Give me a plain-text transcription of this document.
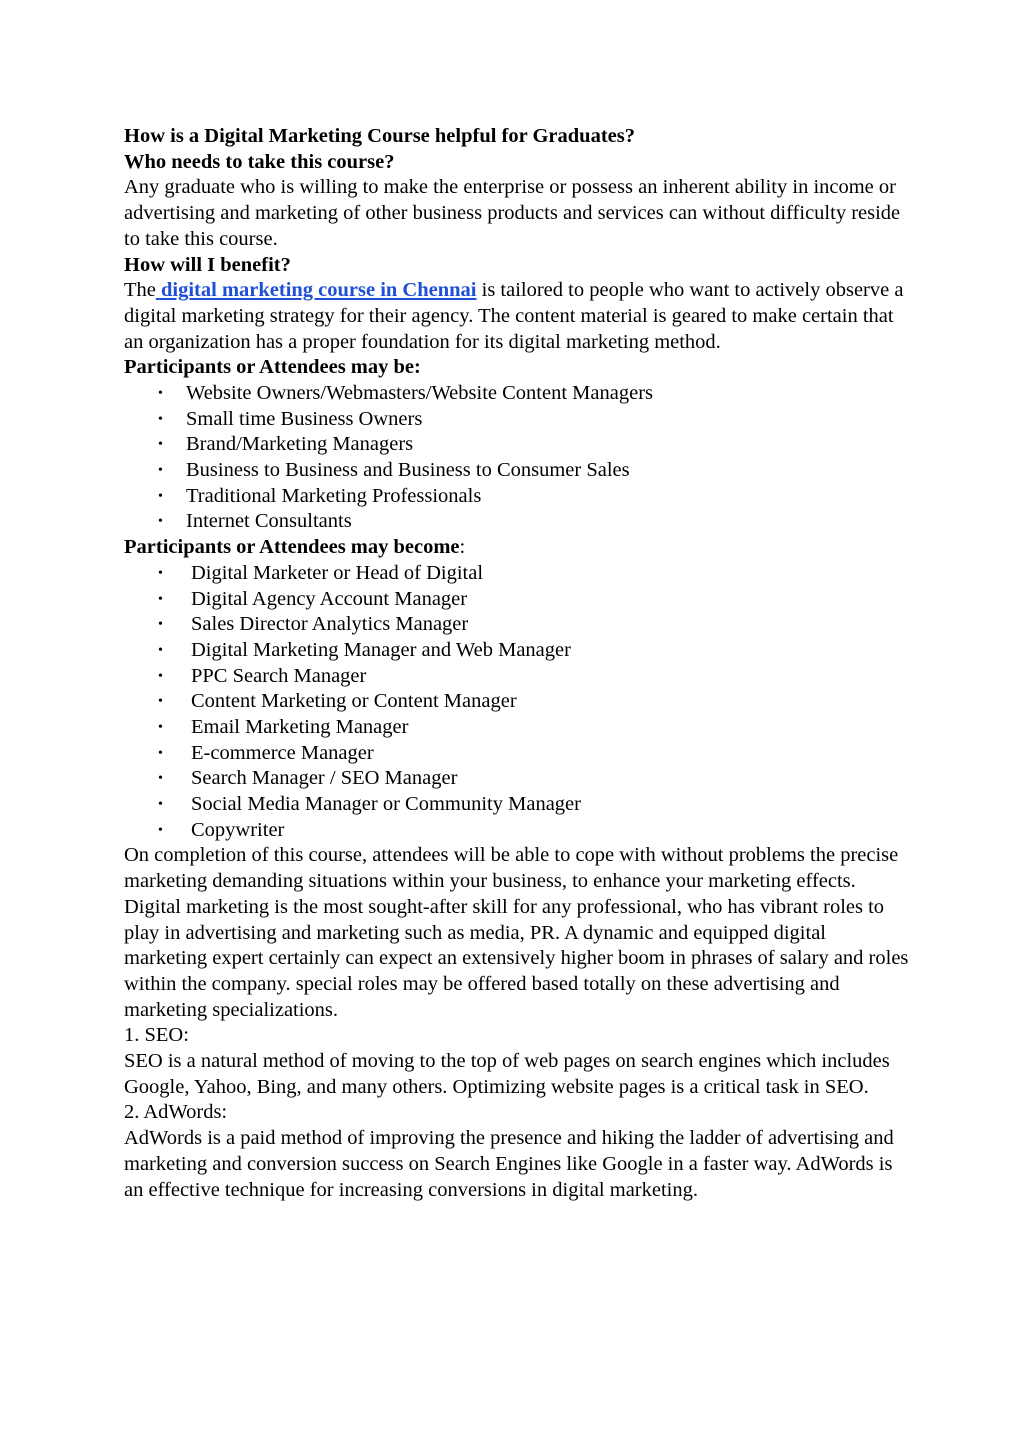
How is a Digital Marketing Course helpful for Graduates?
Who needs to take this course?

Any graduate who is willing to make the enterprise or possess an inherent ability in income or advertising and marketing of other business products and services can without difficulty reside to take this course.

How will I benefit?

The digital marketing course in Chennai is tailored to people who want to actively observe a digital marketing strategy for their agency. The content material is geared to make certain that an organization has a proper foundation for its digital marketing method.

Participants or Attendees may be:
• Website Owners/Webmasters/Website Content Managers
• Small time Business Owners
• Brand/Marketing Managers
• Business to Business and Business to Consumer Sales
• Traditional Marketing Professionals
• Internet Consultants
Participants or Attendees may become:
• Digital Marketer or Head of Digital
• Digital Agency Account Manager
• Sales Director Analytics Manager
• Digital Marketing Manager and Web Manager
• PPC Search Manager
• Content Marketing or Content Manager
• Email Marketing Manager
• E-commerce Manager
• Search Manager / SEO Manager
• Social Media Manager or Community Manager
• Copywriter

On completion of this course, attendees will be able to cope with without problems the precise marketing demanding situations within your business, to enhance your marketing effects.

Digital marketing is the most sought-after skill for any professional, who has vibrant roles to play in advertising and marketing such as media, PR. A dynamic and equipped digital marketing expert certainly can expect an extensively higher boom in phrases of salary and roles within the company. special roles may be offered based totally on these advertising and marketing specializations.

1. SEO:

SEO is a natural method of moving to the top of web pages on search engines which includes Google, Yahoo, Bing, and many others. Optimizing website pages is a critical task in SEO.

2. AdWords:

AdWords is a paid method of improving the presence and hiking the ladder of advertising and marketing and conversion success on Search Engines like Google in a faster way. AdWords is an effective technique for increasing conversions in digital marketing.
